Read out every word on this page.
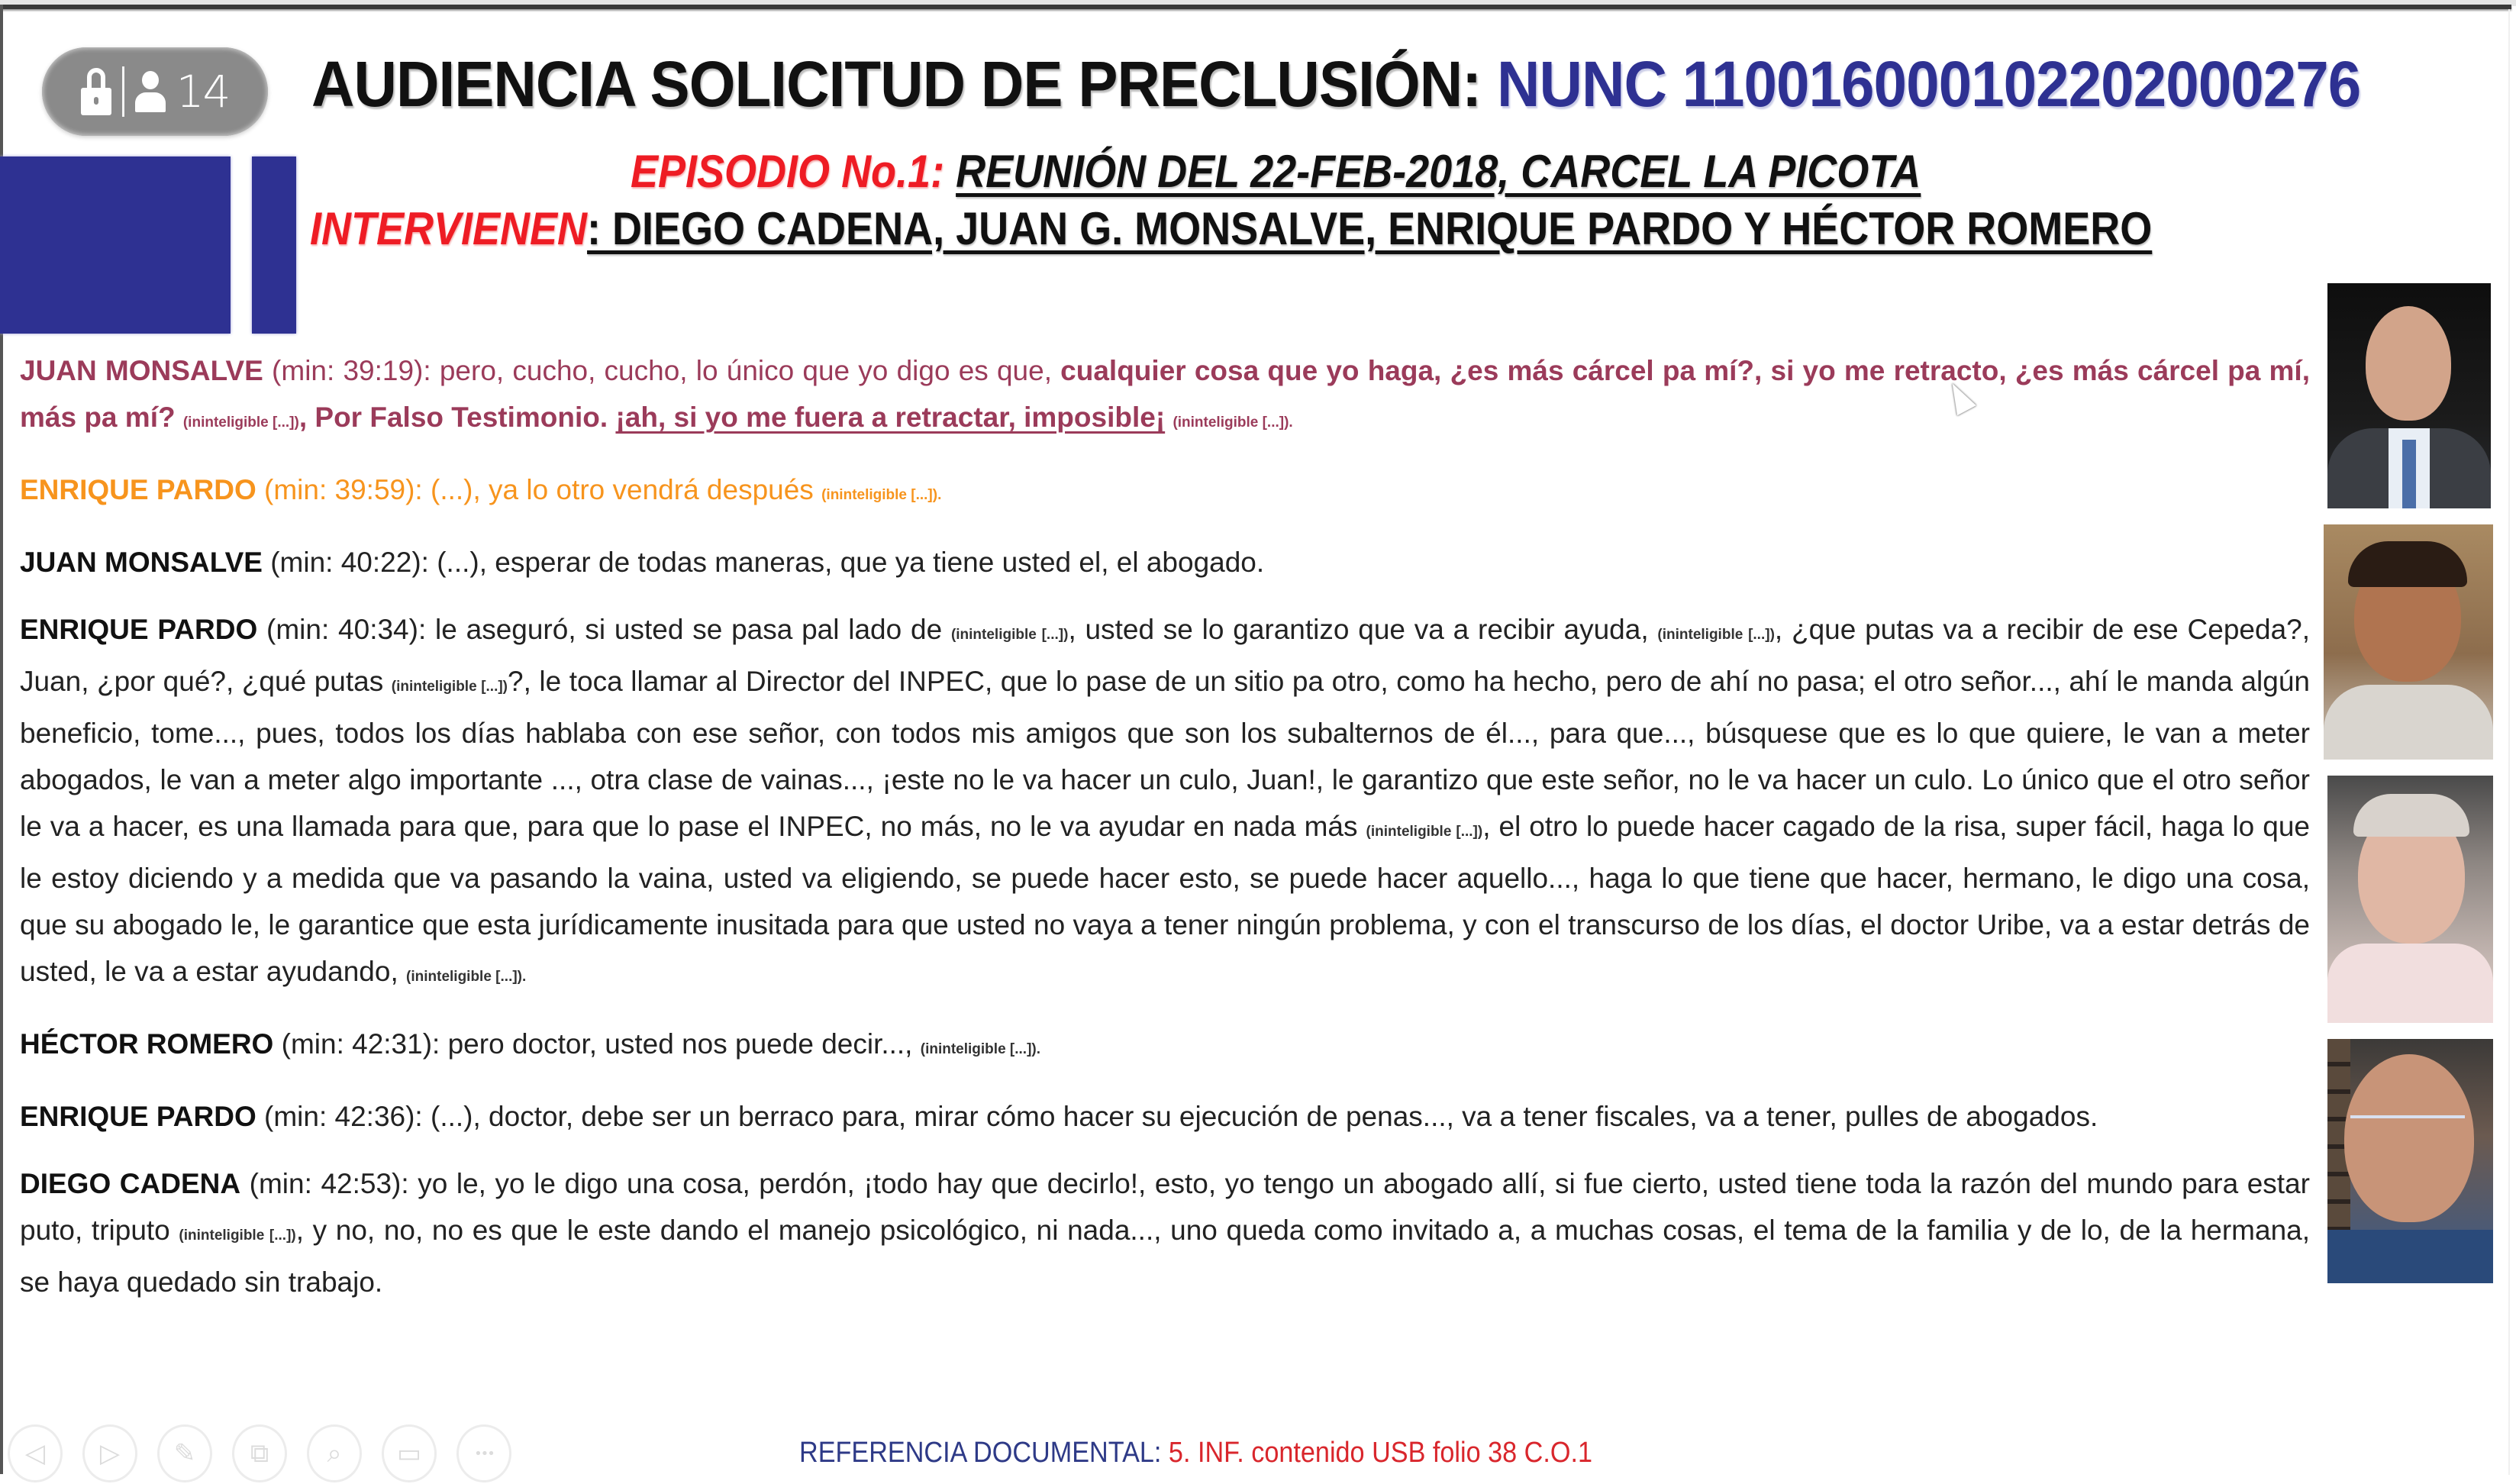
14 AUDIENCIA SOLICITUD DE PRECLUSIÓN: NUNC 110016000102202000276
EPISODIO No.1: REUNIÓN DEL 22-FEB-2018, CARCEL LA PICOTA
INTERVIENEN: DIEGO CADENA, JUAN G. MONSALVE, ENRIQUE PARDO Y HÉCTOR ROMERO

JUAN MONSALVE (min: 39:19): pero, cucho, cucho, lo único que yo digo es que, cualquier cosa que yo haga, ¿es más cárcel pa mí?, si yo me retracto, ¿es más cárcel pa mí, más pa mí? (ininteligible [...]), Por Falso Testimonio. ¡ah, si yo me fuera a retractar, imposible¡ (ininteligible [...]).

ENRIQUE PARDO (min: 39:59): (...), ya lo otro vendrá después (ininteligible [...]).

JUAN MONSALVE (min: 40:22): (...), esperar de todas maneras, que ya tiene usted el, el abogado.

ENRIQUE PARDO (min: 40:34): le aseguró, si usted se pasa pal lado de (ininteligible [...]), usted se lo garantizo que va a recibir ayuda, (ininteligible [...]), ¿que putas va a recibir de ese Cepeda?, Juan, ¿por qué?, ¿qué putas (ininteligible [...])?, le toca llamar al Director del INPEC, que lo pase de un sitio pa otro, como ha hecho, pero de ahí no pasa; el otro señor..., ahí le manda algún beneficio, tome..., pues, todos los días hablaba con ese señor, con todos mis amigos que son los subalternos de él..., para que..., búsquese que es lo que quiere, le van a meter abogados, le van a meter algo importante ..., otra clase de vainas..., ¡este no le va hacer un culo, Juan!, le garantizo que este señor, no le va hacer un culo. Lo único que el otro señor le va a hacer, es una llamada para que, para que lo pase el INPEC, no más, no le va ayudar en nada más (ininteligible [...]), el otro lo puede hacer cagado de la risa, super fácil, haga lo que le estoy diciendo y a medida que va pasando la vaina, usted va eligiendo, se puede hacer esto, se puede hacer aquello..., haga lo que tiene que hacer, hermano, le digo una cosa, que su abogado le, le garantice que esta jurídicamente inusitada para que usted no vaya a tener ningún problema, y con el transcurso de los días, el doctor Uribe, va a estar detrás de usted, le va a estar ayudando, (ininteligible [...]).

HÉCTOR ROMERO (min: 42:31): pero doctor, usted nos puede decir..., (ininteligible [...]).

ENRIQUE PARDO (min: 42:36): (...), doctor, debe ser un berraco para, mirar cómo hacer su ejecución de penas..., va a tener fiscales, va a tener, pulles de abogados.

DIEGO CADENA (min: 42:53): yo le, yo le digo una cosa, perdón, ¡todo hay que decirlo!, esto, yo tengo un abogado allí, si fue cierto, usted tiene toda la razón del mundo para estar puto, triputo (ininteligible [...]), y no, no, no es que le este dando el manejo psicológico, ni nada..., uno queda como invitado a, a muchas cosas, el tema de la familia y de lo, de la hermana, se haya quedado sin trabajo.

◁ ▷ ✎ ⧉ ⌕ ▭	•••	REFERENCIA DOCUMENTAL: 5. INF. contenido USB folio 38 C.O.1
